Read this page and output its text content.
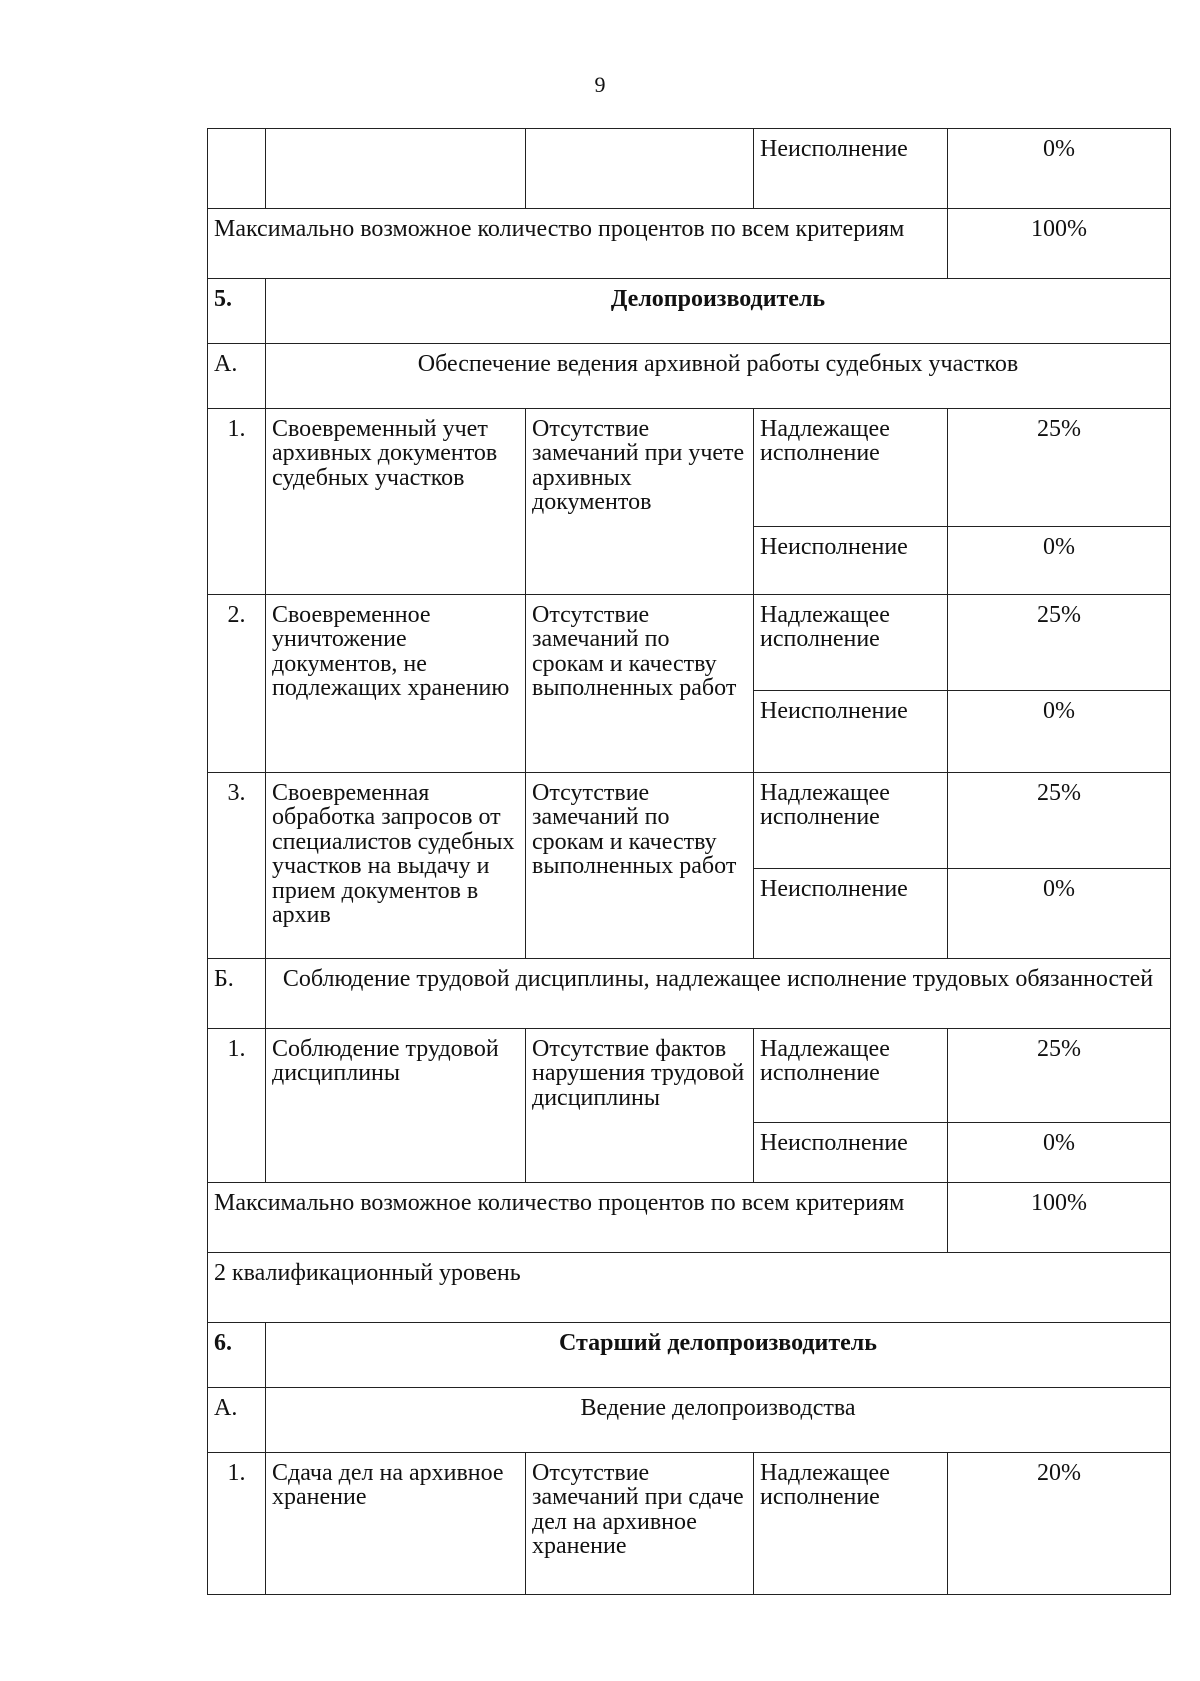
9
			Неисполнение	0%
Максимально возможное количество процентов по всем критериям				100%
5.	Делопроизводитель			
А.	Обеспечение ведения архивной работы судебных участков			
1.	Своевременный учет архивных документов судебных участков	Отсутствие замечаний при учете архивных документов	Надлежащее исполнение	25%
			Неисполнение	0%
2.	Своевременное уничтожение документов, не подлежащих хранению	Отсутствие замечаний по срокам и качеству выполненных работ	Надлежащее исполнение	25%
			Неисполнение	0%
3.	Своевременная обработка запросов от специалистов судебных участков на выдачу и прием документов в архив	Отсутствие замечаний по срокам и качеству выполненных работ	Надлежащее исполнение	25%
			Неисполнение	0%
Б.	Соблюдение трудовой дисциплины, надлежащее исполнение трудовых обязанностей			
1.	Соблюдение трудовой дисциплины	Отсутствие фактов нарушения трудовой дисциплины	Надлежащее исполнение	25%
			Неисполнение	0%
Максимально возможное количество процентов по всем критериям				100%
2 квалификационный уровень				
6.	Старший делопроизводитель			
А.	Ведение делопроизводства			
1.	Сдача дел на архивное хранение	Отсутствие замечаний при сдаче дел на архивное хранение	Надлежащее исполнение	20%
